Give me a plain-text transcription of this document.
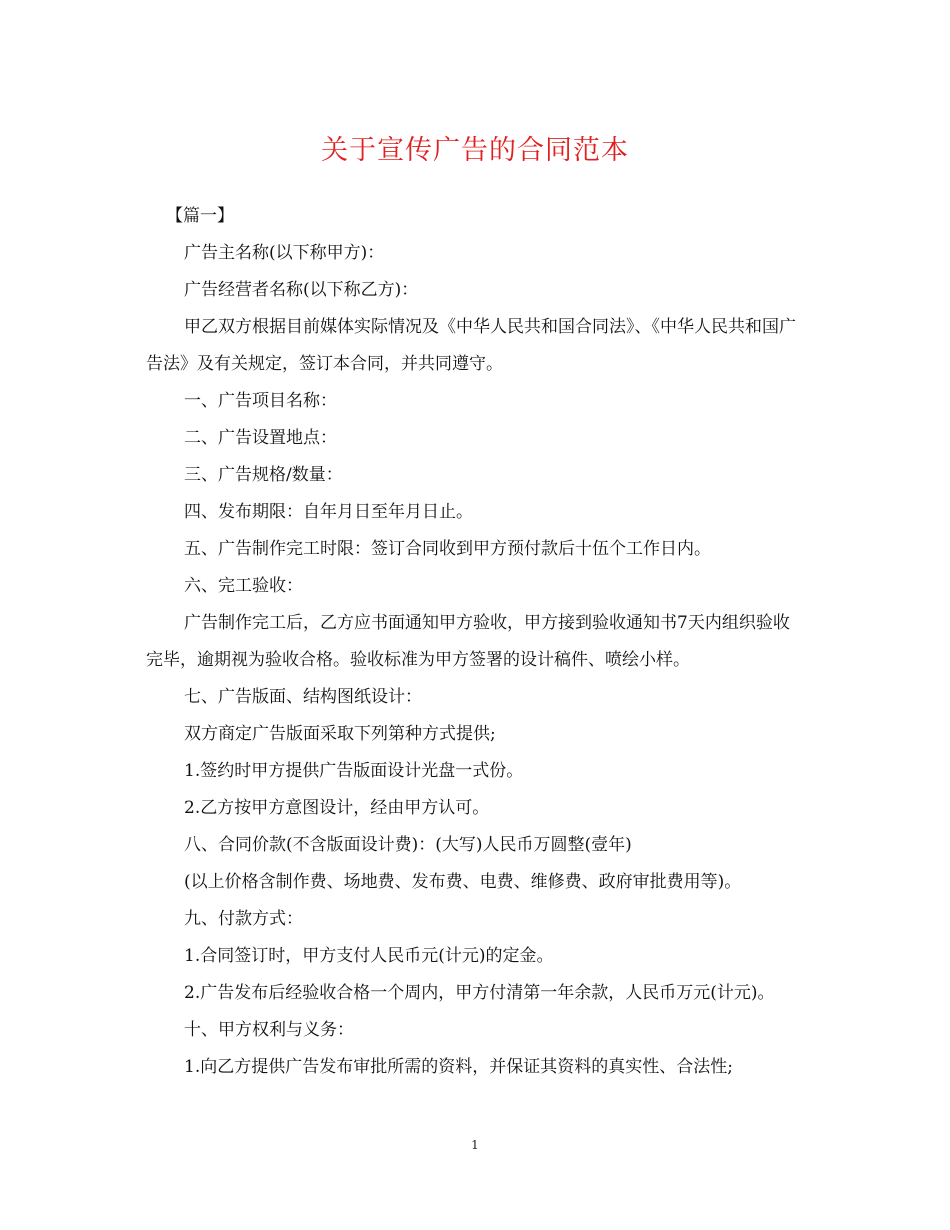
关于宣传广告的合同范本

【篇一】

广告主名称(以下称甲方)：

广告经营者名称(以下称乙方)：

甲乙双方根据目前媒体实际情况及《中华人民共和国合同法》、《中华人民共和国广告法》及有关规定，签订本合同，并共同遵守。

一、广告项目名称：

二、广告设置地点：

三、广告规格/数量：

四、发布期限：自年月日至年月日止。

五、广告制作完工时限：签订合同收到甲方预付款后十伍个工作日内。

六、完工验收：

广告制作完工后，乙方应书面通知甲方验收，甲方接到验收通知书7天内组织验收完毕，逾期视为验收合格。验收标准为甲方签署的设计稿件、喷绘小样。

七、广告版面、结构图纸设计：

双方商定广告版面采取下列第种方式提供;

1.签约时甲方提供广告版面设计光盘一式份。

2.乙方按甲方意图设计，经由甲方认可。

八、合同价款(不含版面设计费)：(大写)人民币万圆整(壹年)

(以上价格含制作费、场地费、发布费、电费、维修费、政府审批费用等)。

九、付款方式：

1.合同签订时，甲方支付人民币元(计元)的定金。

2.广告发布后经验收合格一个周内，甲方付清第一年余款，人民币万元(计元)。

十、甲方权利与义务：

1.向乙方提供广告发布审批所需的资料，并保证其资料的真实性、合法性;

1
